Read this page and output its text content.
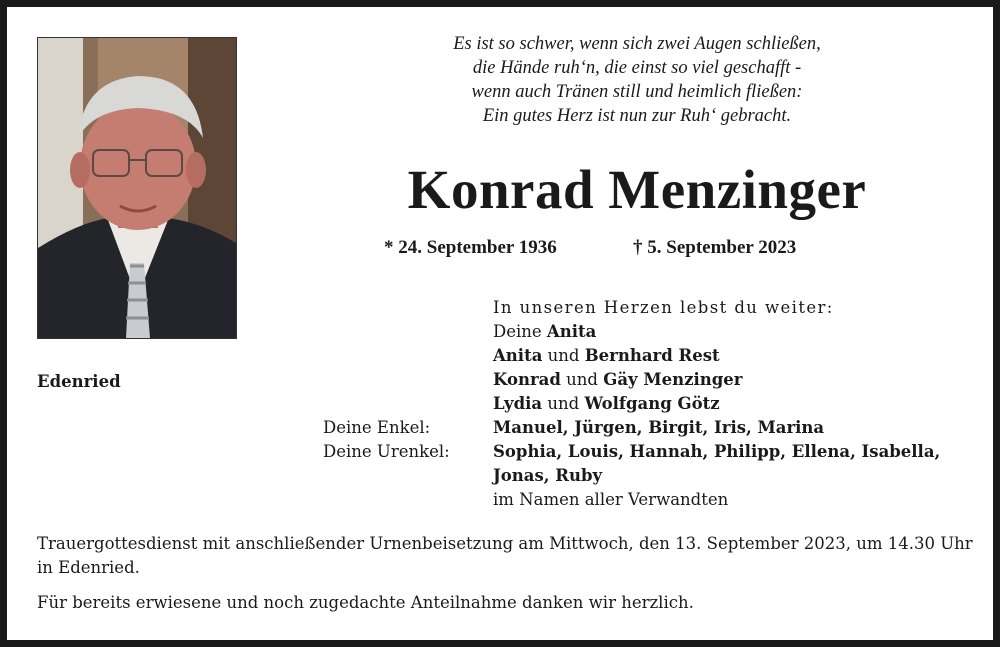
Es ist so schwer, wenn sich zwei Augen schließen,
die Hände ruh‘n, die einst so viel geschafft -
wenn auch Tränen still und heimlich fließen:
Ein gutes Herz ist nun zur Ruh‘ gebracht.
Konrad Menzinger
* 24. September 1936	† 5. September 2023
Edenried
In unseren Herzen lebst du weiter:
Deine Enkel:
Deine Urenkel:
Deine Anita
Anita und Bernhard Rest
Konrad und Gäy Menzinger
Lydia und Wolfgang Götz
Manuel, Jürgen, Birgit, Iris, Marina
Sophia, Louis, Hannah, Philipp, Ellena, Isabella,
Jonas, Ruby
im Namen aller Verwandten

Trauergottesdienst mit anschließender Urnenbeisetzung am Mittwoch, den 13. September 2023, um 14.30 Uhr in Edenried.

Für bereits erwiesene und noch zugedachte Anteilnahme danken wir herzlich.
